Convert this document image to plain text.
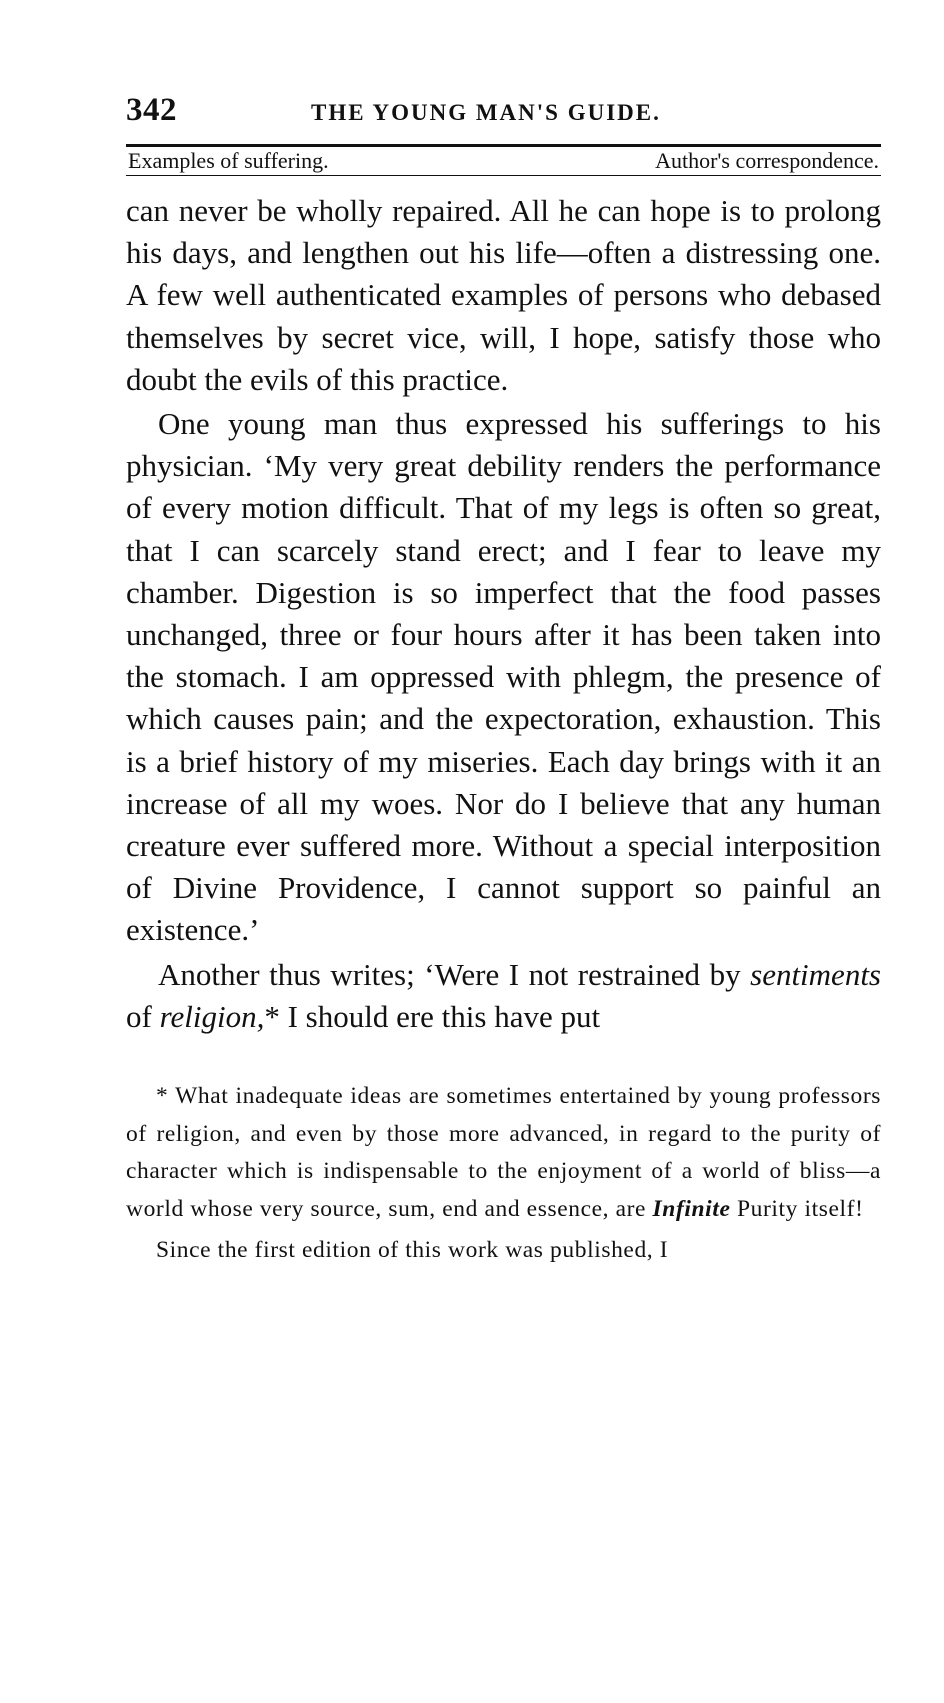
342	THE YOUNG MAN'S GUIDE.
Examples of suffering.	Author's correspondence.

can never be wholly repaired. All he can hope is to prolong his days, and lengthen out his life—often a distressing one. A few well authenticated examples of persons who debased themselves by secret vice, will, I hope, satisfy those who doubt the evils of this practice.

One young man thus expressed his sufferings to his physician. ‘My very great debility renders the performance of every motion difficult. That of my legs is often so great, that I can scarcely stand erect; and I fear to leave my chamber. Digestion is so imperfect that the food passes unchanged, three or four hours after it has been taken into the stomach. I am oppressed with phlegm, the presence of which causes pain; and the expectoration, exhaustion. This is a brief history of my miseries. Each day brings with it an increase of all my woes. Nor do I believe that any human creature ever suffered more. Without a special interposition of Divine Providence, I cannot support so painful an existence.’

Another thus writes; ‘Were I not restrained by sentiments of religion,* I should ere this have put

* What inadequate ideas are sometimes entertained by young professors of religion, and even by those more advanced, in regard to the purity of character which is indispensable to the enjoyment of a world of bliss—a world whose very source, sum, end and essence, are Infinite Purity itself!

Since the first edition of this work was published, I
